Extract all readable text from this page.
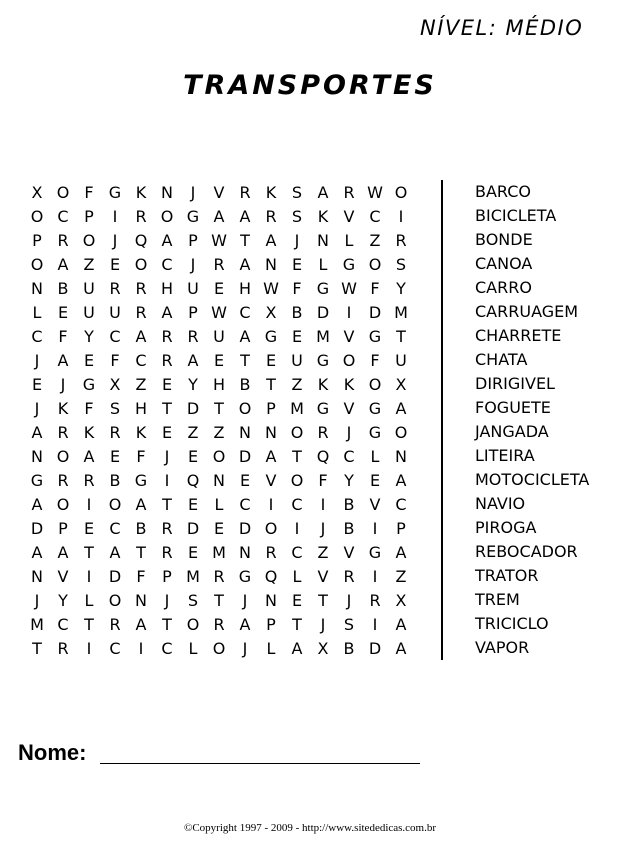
NÍVEL: MÉDIO
TRANSPORTES
X O F G K N	J	V R K S A R W O
O C P	I	R O G A A R S K V C	I
P R O	J	Q A P W T A	J	N L	Z R
O A Z E O C	J	R A N E	L G O S
N B U R R H U E H W F G W F	Y
L	E U U R A P W C X B D	I	D M
C F	Y C A R R U A G E M V G T
J	A E	F C R A E	T	E U G O F U
E	J	G X Z E	Y H B T Z K K O X
J	K	F	S H T D T O P M G V G A
A R K R K E Z Z N N O R	J	G O
N O A E	F	J	E O D A T Q C L N
G R R B G	I	Q N E V O F	Y	E A
A O	I	O A T	E	L C	I	C	I	B V C
D P	E C B R D E D O	I	J	B	I	P
A A T A T R E M N R C Z V G A
N V	I	D F	P M R G Q L	V R	I	Z
J	Y	L O N	J	S	T	J	N E	T	J	R X
M C T R A T O R A P	T	J	S	I	A
T R	I	C	I	C L O	J	L	A X B D A
BARCO
BICICLETA
BONDE
CANOA
CARRO
CARRUAGEM
CHARRETE
CHATA
DIRIGIVEL
FOGUETE
JANGADA
LITEIRA
MOTOCICLETA
NAVIO
PIROGA
REBOCADOR
TRATOR
TREM
TRICICLO
VAPOR
Nome:
©Copyright 1997 - 2009 - http://www.sitededicas.com.br
